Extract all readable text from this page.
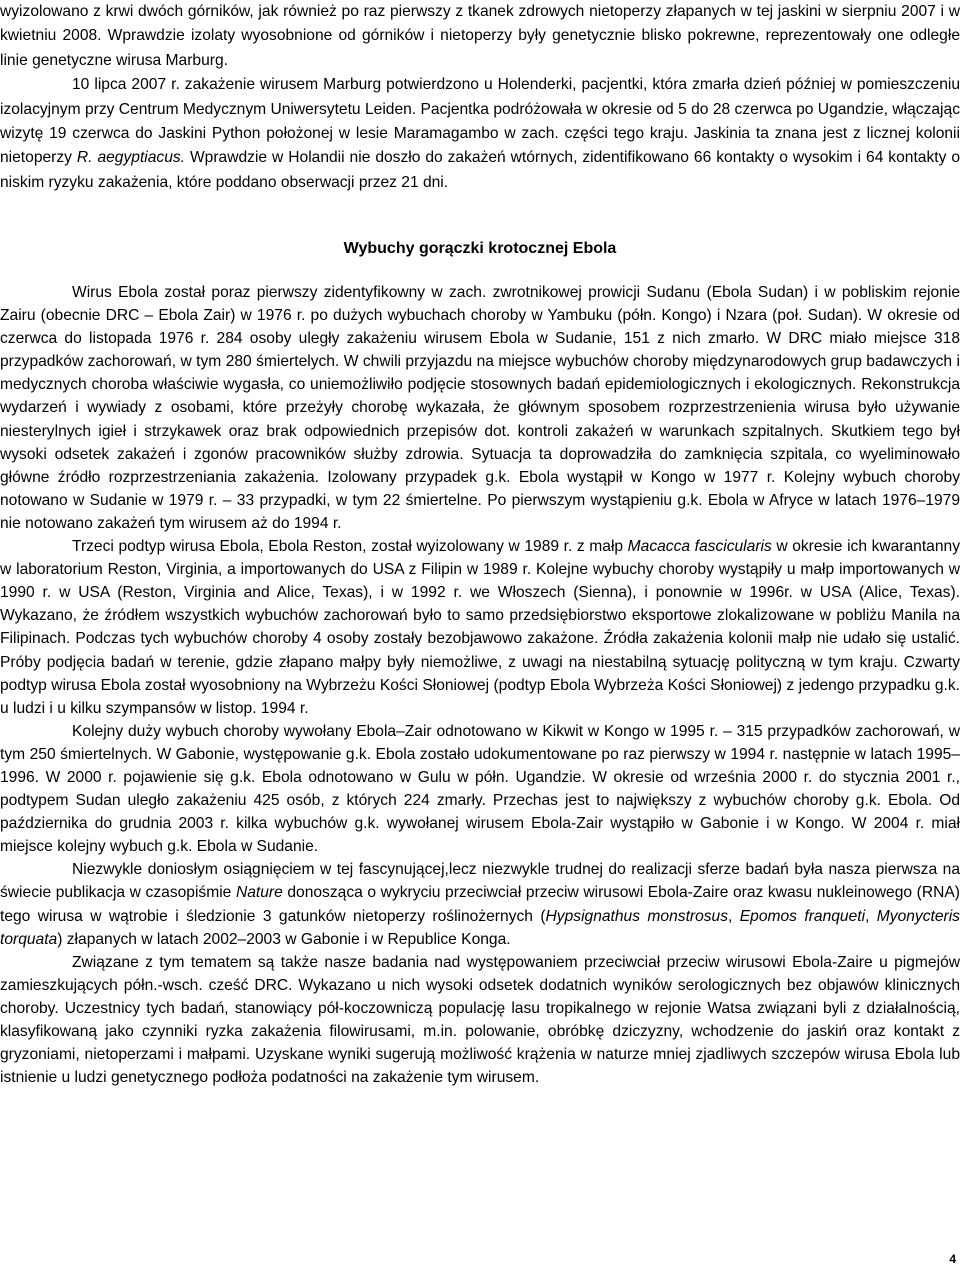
wyizolowano z krwi dwóch górników, jak również po raz pierwszy z tkanek zdrowych nietoperzy złapanych w tej jaskini w sierpniu 2007 i w kwietniu 2008. Wprawdzie izolaty wyosobnione od górników i nietoperzy były genetycznie blisko pokrewne, reprezentowały one odległe linie genetyczne wirusa Marburg.

10 lipca 2007 r. zakażenie wirusem Marburg potwierdzono u Holenderki, pacjentki, która zmarła dzień później w pomieszczeniu izolacyjnym przy Centrum Medycznym Uniwersytetu Leiden. Pacjentka podróżowała w okresie od 5 do 28 czerwca po Ugandzie, włączając wizytę 19 czerwca do Jaskini Python położonej w lesie Maramagambo w zach. części tego kraju. Jaskinia ta znana jest z licznej kolonii nietoperzy R. aegyptiacus. Wprawdzie w Holandii nie doszło do zakażeń wtórnych, zidentifikowano 66 kontakty o wysokim i 64 kontakty o niskim ryzyku zakażenia, które poddano obserwacji przez 21 dni.

Wybuchy gorączki krotocznej Ebola

Wirus Ebola został poraz pierwszy zidentyfikowny w zach. zwrotnikowej prowicji Sudanu (Ebola Sudan) i w pobliskim rejonie Zairu (obecnie DRC – Ebola Zair) w 1976 r. po dużych wybuchach choroby w Yambuku (półn. Kongo) i Nzara (poł. Sudan). W okresie od czerwca do listopada 1976 r. 284 osoby uległy zakażeniu wirusem Ebola w Sudanie, 151 z nich zmarło. W DRC miało miejsce 318 przypadków zachorowań, w tym 280 śmiertelych. W chwili przyjazdu na miejsce wybuchów choroby międzynarodowych grup badawczych i medycznych choroba właściwie wygasła, co uniemożliwiło podjęcie stosownych badań epidemiologicznych i ekologicznych. Rekonstrukcja wydarzeń i wywiady z osobami, które przeżyły chorobę wykazała, że głównym sposobem rozprzestrzenienia wirusa było używanie niesterylnych igieł i strzykawek oraz brak odpowiednich przepisów dot. kontroli zakażeń w warunkach szpitalnych. Skutkiem tego był wysoki odsetek zakażeń i zgonów pracowników służby zdrowia. Sytuacja ta doprowadziła do zamknięcia szpitala, co wyeliminowało główne źródło rozprzestrzeniania zakażenia. Izolowany przypadek g.k. Ebola wystąpił w Kongo w 1977 r. Kolejny wybuch choroby notowano w Sudanie w 1979 r. – 33 przypadki, w tym 22 śmiertelne. Po pierwszym wystąpieniu g.k. Ebola w Afryce w latach 1976–1979 nie notowano zakażeń tym wirusem aż do 1994 r.

Trzeci podtyp wirusa Ebola, Ebola Reston, został wyizolowany w 1989 r. z małp Macacca fascicularis w okresie ich kwarantanny w laboratorium Reston, Virginia, a importowanych do USA z Filipin w 1989 r. Kolejne wybuchy choroby wystąpiły u małp importowanych w 1990 r. w USA (Reston, Virginia and Alice, Texas), i w 1992 r. we Włoszech (Sienna), i ponownie w 1996r. w USA (Alice, Texas). Wykazano, że źródłem wszystkich wybuchów zachorowań było to samo przedsiębiorstwo eksportowe zlokalizowane w pobliżu Manila na Filipinach. Podczas tych wybuchów choroby 4 osoby zostały bezobjawowo zakażone. Źródła zakażenia kolonii małp nie udało się ustalić. Próby podjęcia badań w terenie, gdzie złapano małpy były niemożliwe, z uwagi na niestabilną sytuację polityczną w tym kraju. Czwarty podtyp wirusa Ebola został wyosobniony na Wybrzeżu Kości Słoniowej (podtyp Ebola Wybrzeża Kości Słoniowej) z jedengo przypadku g.k. u ludzi i u kilku szympansów w listop. 1994 r.

Kolejny duży wybuch choroby wywołany Ebola–Zair odnotowano w Kikwit w Kongo w 1995 r. – 315 przypadków zachorowań, w tym 250 śmiertelnych. W Gabonie, występowanie g.k. Ebola zostało udokumentowane po raz pierwszy w 1994 r. następnie w latach 1995–1996. W 2000 r. pojawienie się g.k. Ebola odnotowano w Gulu w półn. Ugandzie. W okresie od września 2000 r. do stycznia 2001 r., podtypem Sudan uległo zakażeniu 425 osób, z których 224 zmarły. Przechas jest to największy z wybuchów choroby g.k. Ebola. Od października do grudnia 2003 r. kilka wybuchów g.k. wywołanej wirusem Ebola-Zair wystąpiło w Gabonie i w Kongo. W 2004 r. miał miejsce kolejny wybuch g.k. Ebola w Sudanie.

Niezwykle doniosłym osiągnięciem w tej fascynującej,lecz niezwykle trudnej do realizacji sferze badań była nasza pierwsza na świecie publikacja w czasopiśmie Nature donosząca o wykryciu przeciwciał przeciw wirusowi Ebola-Zaire oraz kwasu nukleinowego (RNA) tego wirusa w wątrobie i śledzionie 3 gatunków nietoperzy roślinożernych (Hypsignathus monstrosus, Epomos franqueti, Myonycteris torquata) złapanych w latach 2002–2003 w Gabonie i w Republice Konga.

Związane z tym tematem są także nasze badania nad występowaniem przeciwciał przeciw wirusowi Ebola-Zaire u pigmejów zamieszkujących półn.-wsch. cześć DRC. Wykazano u nich wysoki odsetek dodatnich wyników serologicznych bez objawów klinicznych choroby. Uczestnicy tych badań, stanowiący pół-koczowniczą populację lasu tropikalnego w rejonie Watsa związani byli z działalnością, klasyfikowaną jako czynniki ryzka zakażenia filowirusami, m.in. polowanie, obróbkę dziczyzny, wchodzenie do jaskiń oraz kontakt z gryzoniami, nietoperzami i małpami. Uzyskane wyniki sugerują możliwość krążenia w naturze mniej zjadliwych szczepów wirusa Ebola lub istnienie u ludzi genetycznego podłoża podatności na zakażenie tym wirusem.

4
